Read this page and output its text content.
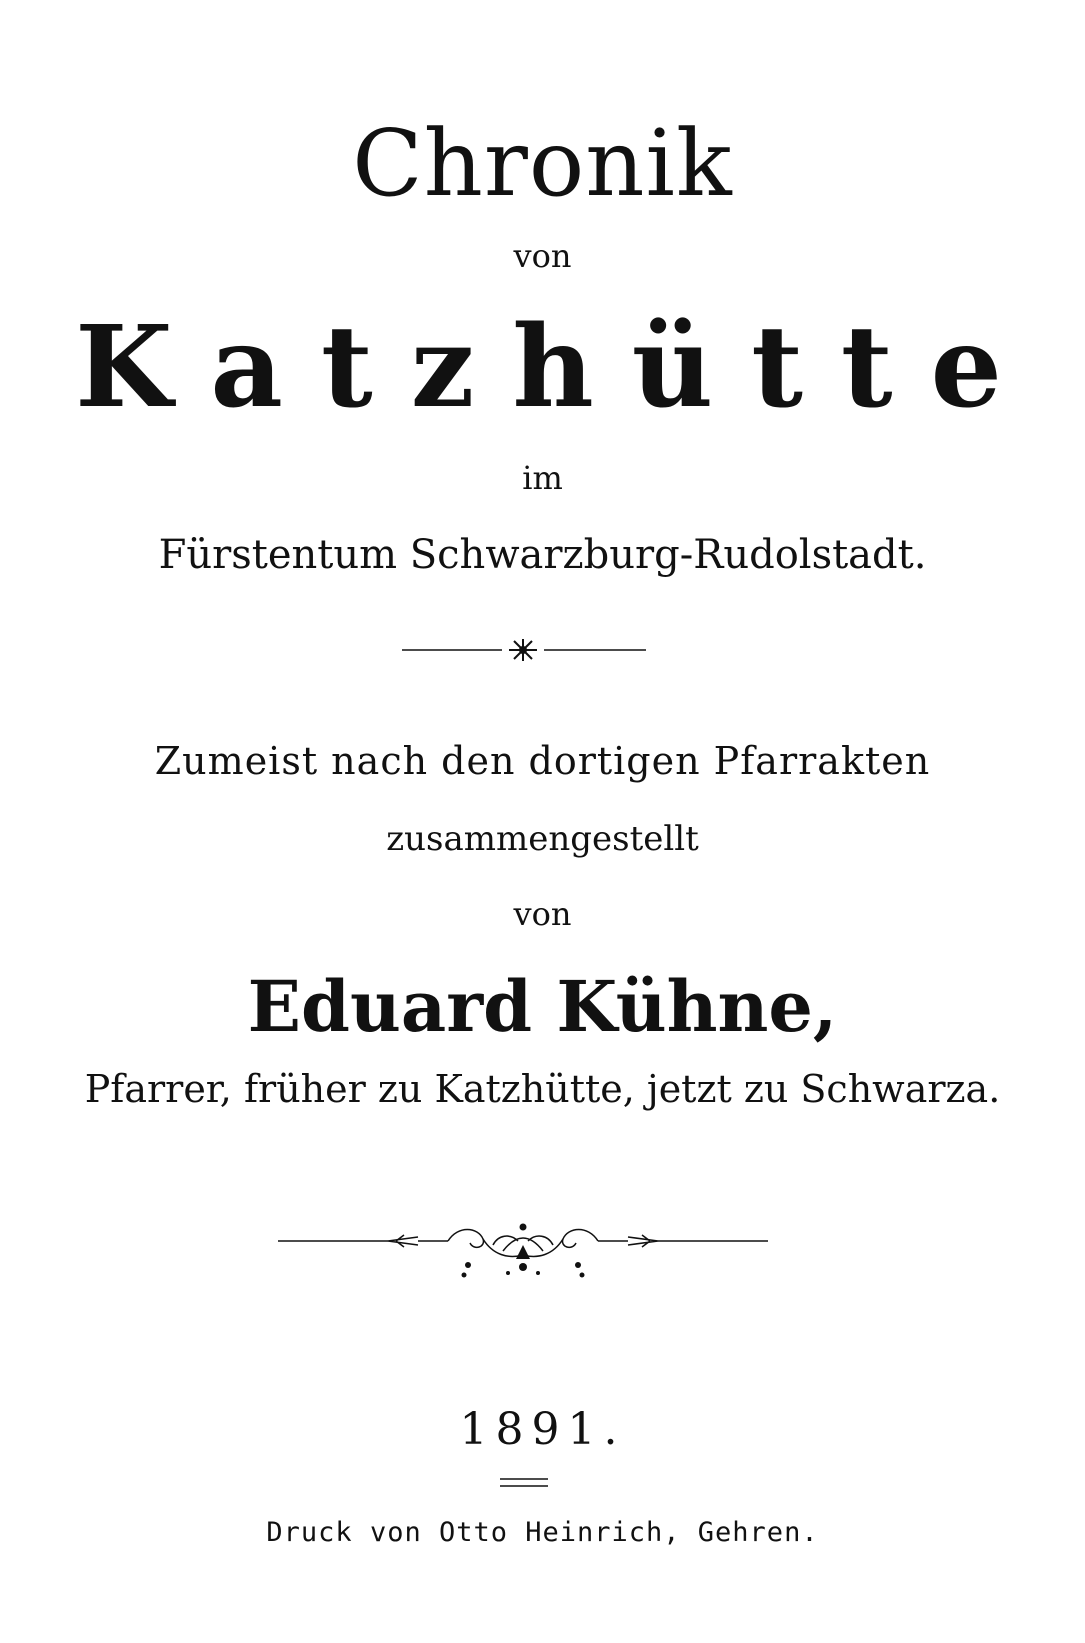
Chronik
von
Katzhütte
im
Fürstentum Schwarzburg-Rudolstadt.
Zumeist nach den dortigen Pfarrakten
zusammengestellt
von
Eduard Kühne,
Pfarrer, früher zu Katzhütte, jetzt zu Schwarza.
1891.
Druck von Otto Heinrich, Gehren.
